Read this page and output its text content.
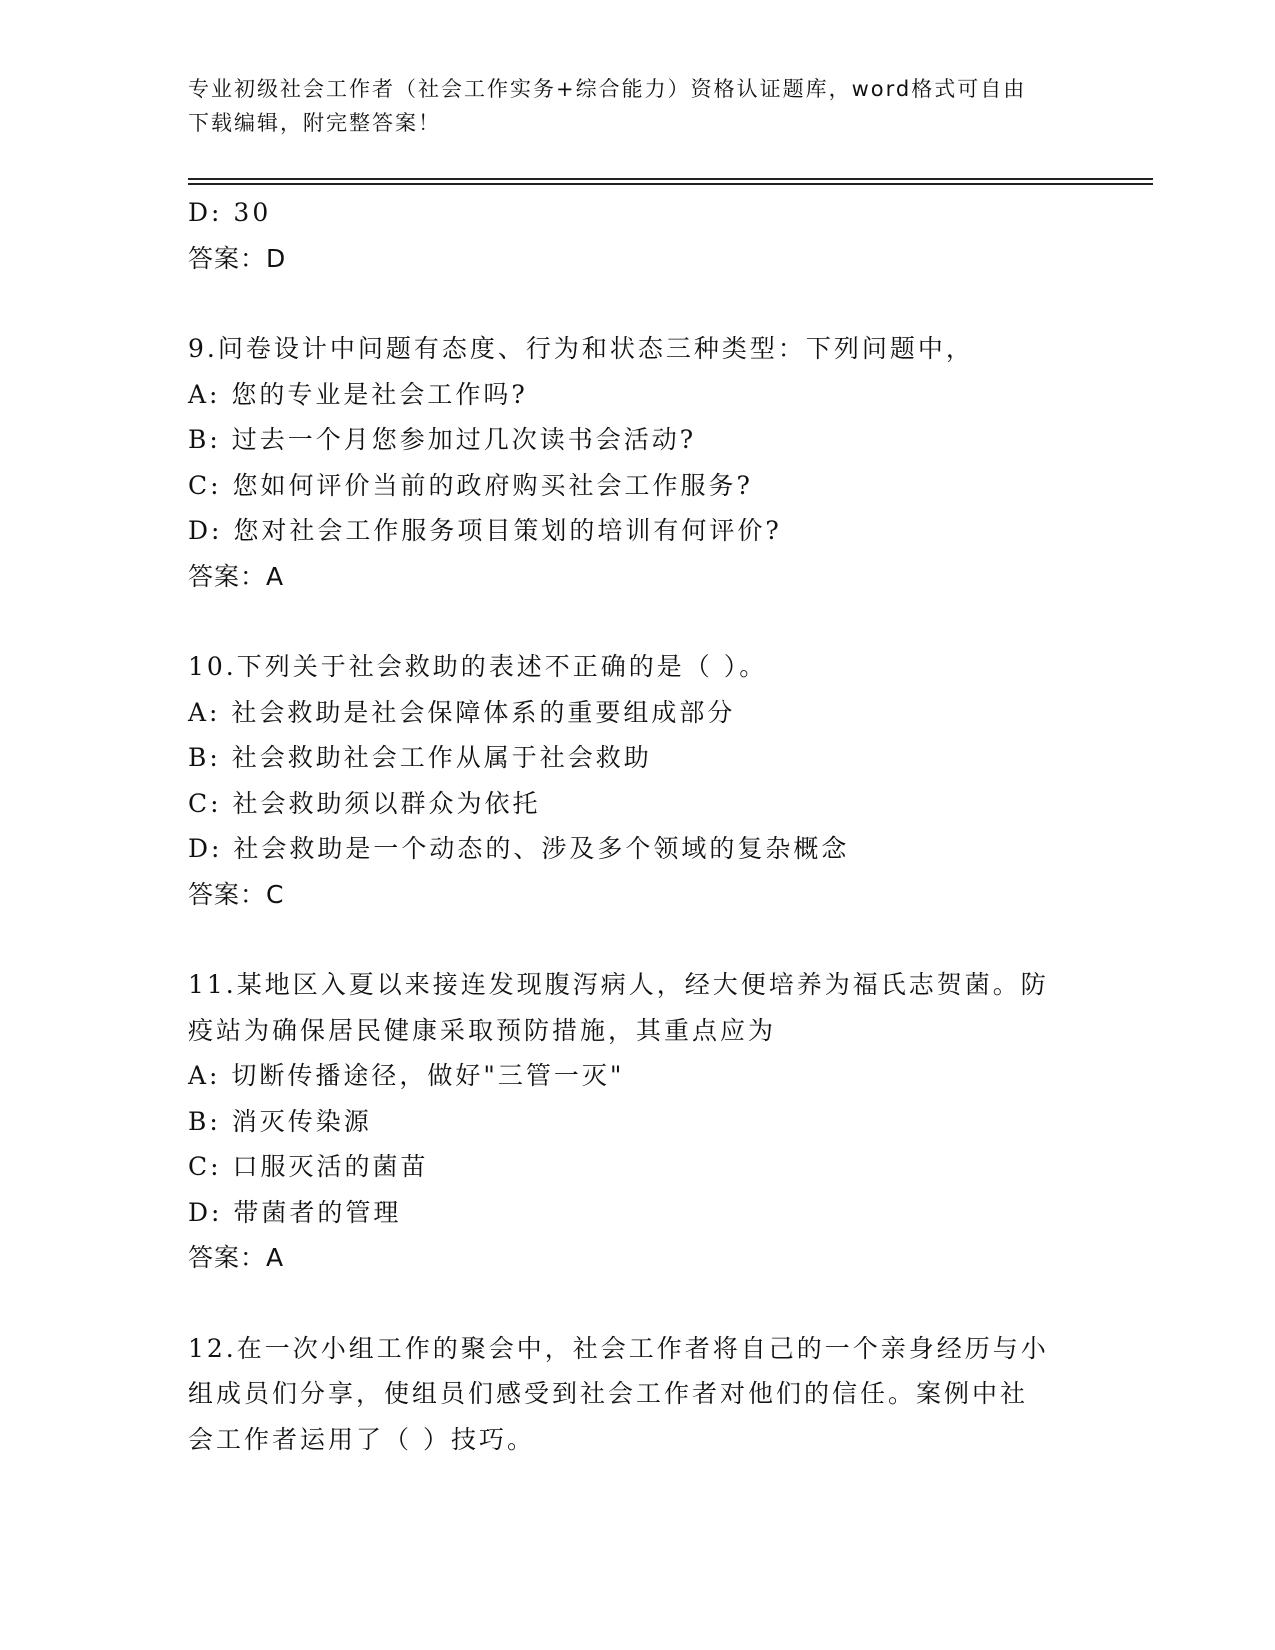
专业初级社会工作者（社会工作实务+综合能力）资格认证题库，word格式可自由
下载编辑，附完整答案！
D: 30
答案：D
9.问卷设计中问题有态度、行为和状态三种类型：下列问题中，
A: 您的专业是社会工作吗?
B: 过去一个月您参加过几次读书会活动?
C: 您如何评价当前的政府购买社会工作服务?
D: 您对社会工作服务项目策划的培训有何评价?
答案：A
10.下列关于社会救助的表述不正确的是（ ）。
A: 社会救助是社会保障体系的重要组成部分
B: 社会救助社会工作从属于社会救助
C: 社会救助须以群众为依托
D: 社会救助是一个动态的、涉及多个领域的复杂概念
答案：C
11.某地区入夏以来接连发现腹泻病人，经大便培养为福氏志贺菌。防
疫站为确保居民健康采取预防措施，其重点应为
A: 切断传播途径，做好"三管一灭"
B: 消灭传染源
C: 口服灭活的菌苗
D: 带菌者的管理
答案：A
12.在一次小组工作的聚会中，社会工作者将自己的一个亲身经历与小
组成员们分享，使组员们感受到社会工作者对他们的信任。案例中社
会工作者运用了（ ）技巧。
